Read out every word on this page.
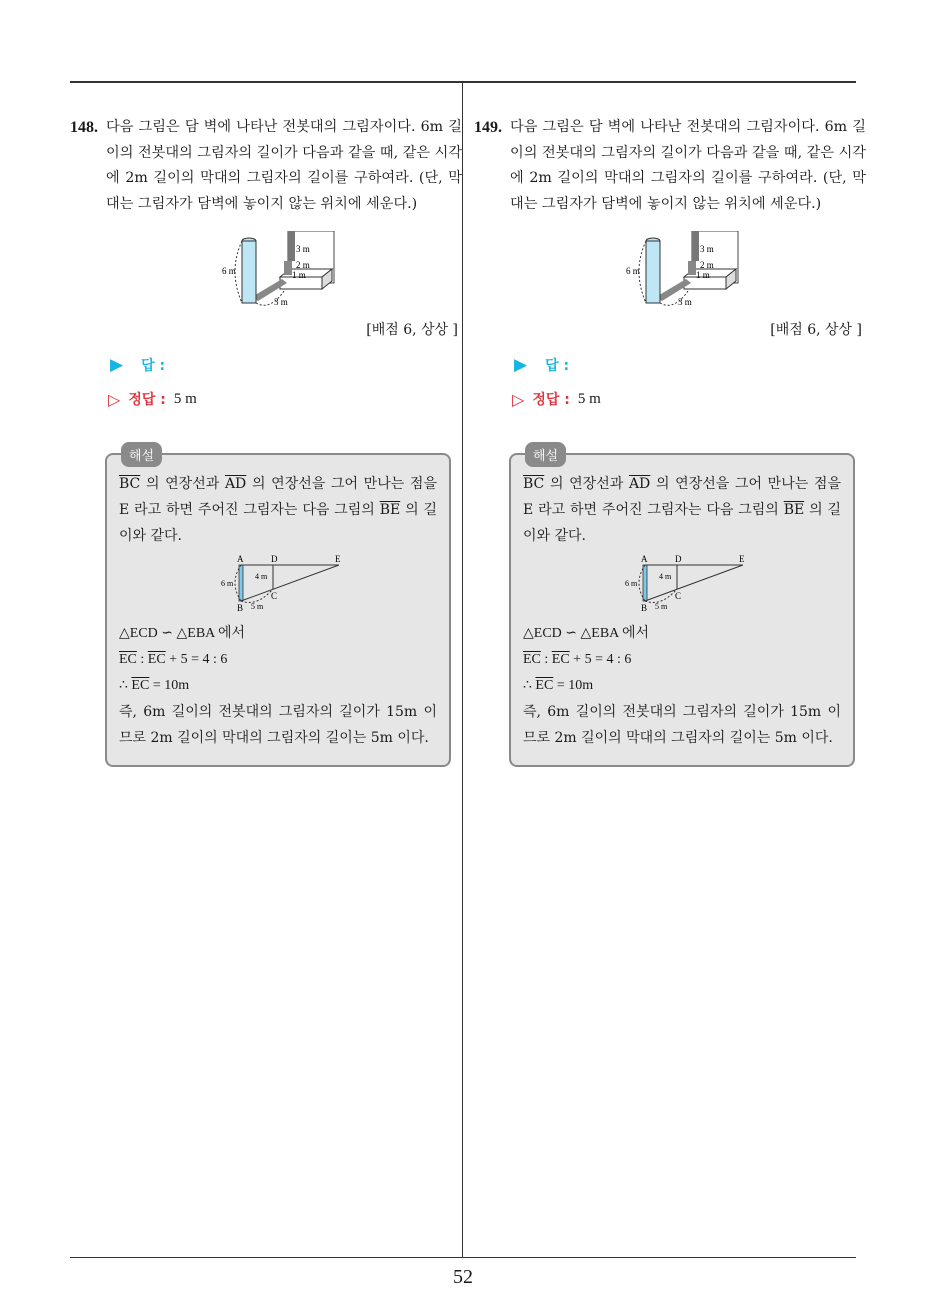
52
148. 다음 그림은 담 벽에 나타난 전봇대의 그림자이다. 6m 길이의 전봇대의 그림자의 길이가 다음과 같을 때, 같은 시각에 2m 길이의 막대의 그림자의 길이를 구하여라. (단, 막대는 그림자가 담벽에 놓이지 않는 위치에 세운다.)
6 m
3 m
2 m
1 m
3 m
[배점 6, 상상 ]
▶ 답 :
▷ 정답 : 5 m
해설
$\overline{BC}$ 의 연장선과 $\overline{AD}$ 의 연장선을 그어 만나는 점을 E 라고 하면 주어진 그림자는 다음 그림의 $\overline{BE}$ 의 길이와 같다.
A	D	E
B
C
6 m
4 m
5 m
△ECD ∽ △EBA 에서
$\overline{EC}$ : $\overline{EC} + 5 = 4$ : 6
∴ $\overline{EC} = 10m$
즉, 6m 길이의 전봇대의 그림자의 길이가 15m 이므로 2m 길이의 막대의 그림자의 길이는 5m 이다.
149. 다음 그림은 담 벽에 나타난 전봇대의 그림자이다. 6m 길이의 전봇대의 그림자의 길이가 다음과 같을 때, 같은 시각에 2m 길이의 막대의 그림자의 길이를 구하여라. (단, 막대는 그림자가 담벽에 놓이지 않는 위치에 세운다.)
6 m
3 m
2 m
1 m
3 m
[배점 6, 상상 ]
▶ 답 :
▷ 정답 : 5 m
해설
$\overline{BC}$ 의 연장선과 $\overline{AD}$ 의 연장선을 그어 만나는 점을 E 라고 하면 주어진 그림자는 다음 그림의 $\overline{BE}$ 의 길이와 같다.
A	D	E
B
C
6 m
4 m
5 m
△ECD ∽ △EBA 에서
$\overline{EC}$ : $\overline{EC} + 5 = 4$ : 6
∴ $\overline{EC} = 10m$
즉, 6m 길이의 전봇대의 그림자의 길이가 15m 이므로 2m 길이의 막대의 그림자의 길이는 5m 이다.
